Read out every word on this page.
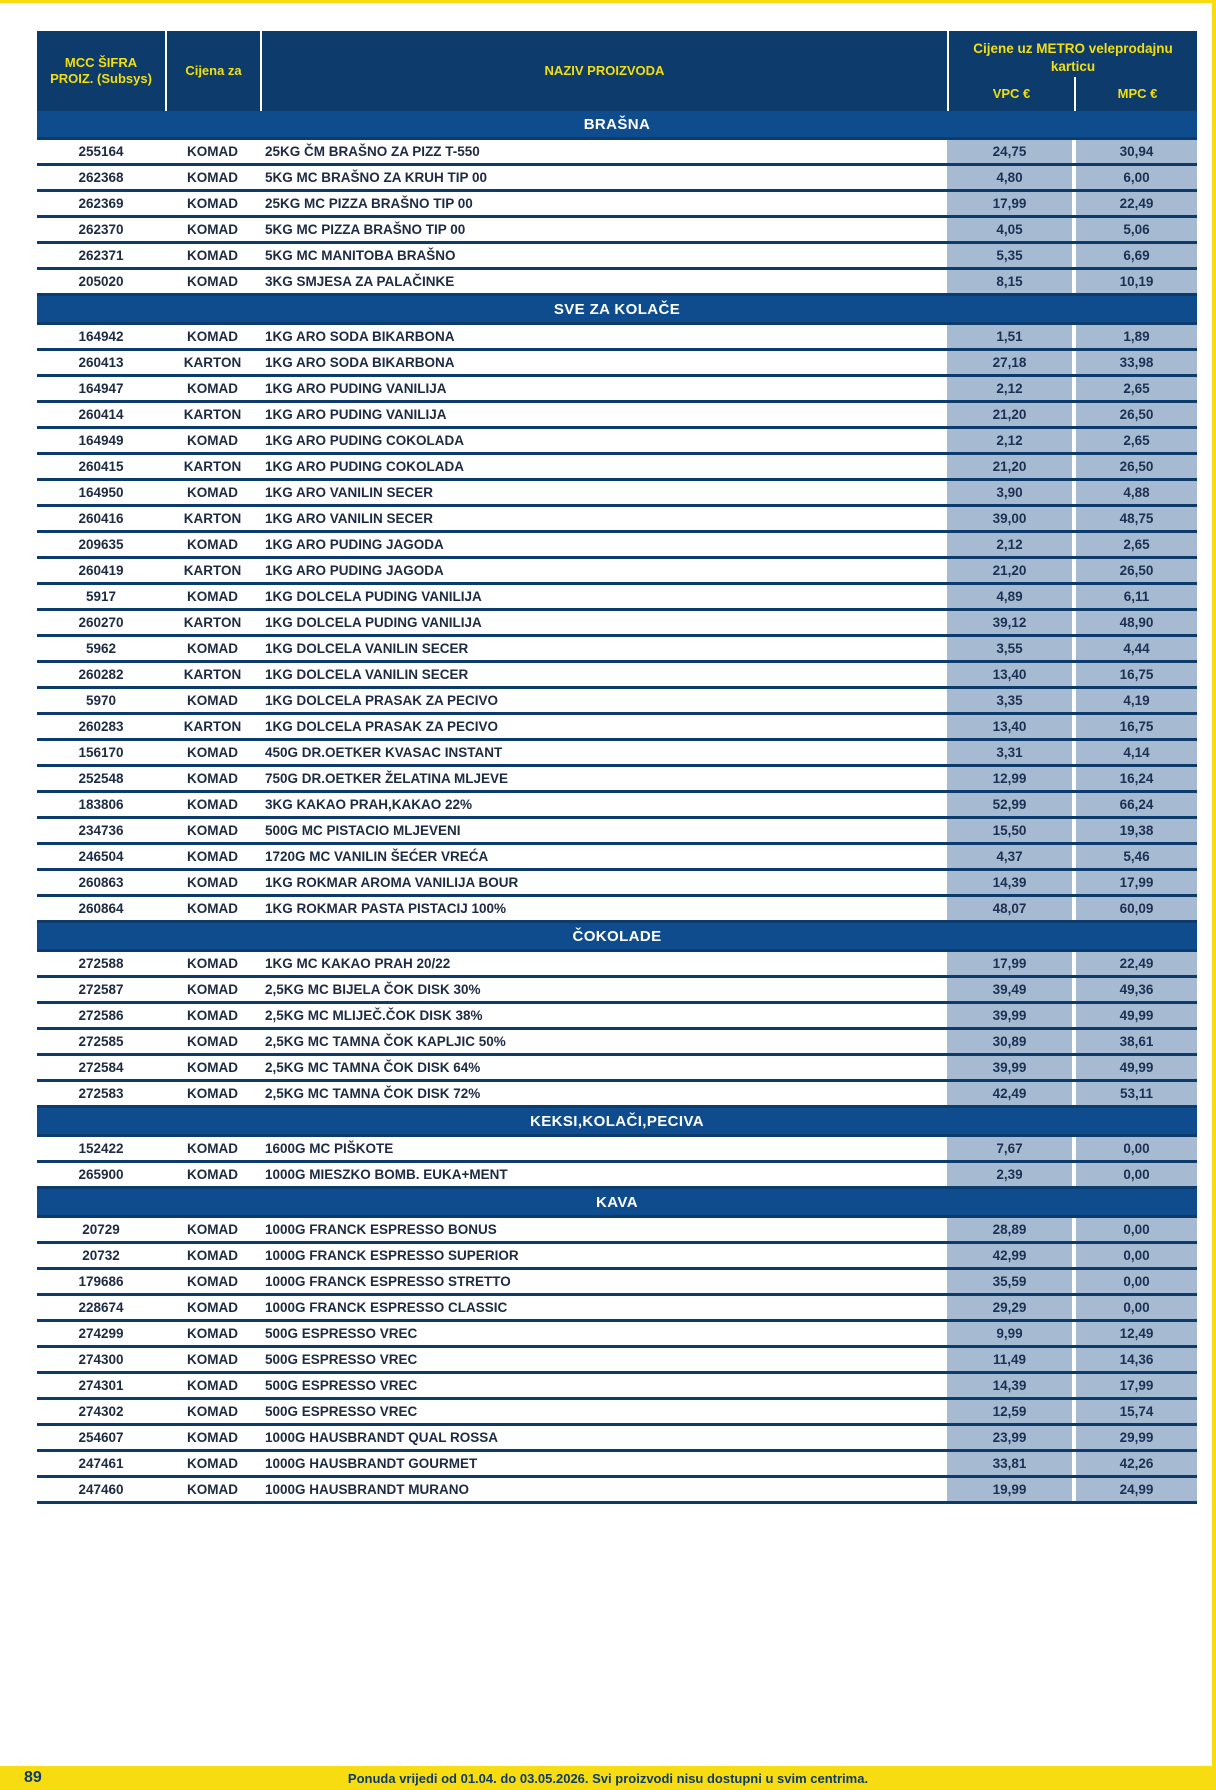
MCC ŠIFRA PROIZ. (Subsys)
Cijena za	NAZIV PROIZVODA
Cijene uz METRO veleprodajnu karticu
VPC €	MPC €
BRAŠNA
255164	KOMAD	25KG ČM BRAŠNO ZA PIZZ T-550	24,75	30,94
262368	KOMAD	5KG MC BRAŠNO ZA KRUH TIP 00	4,80	6,00
262369	KOMAD	25KG MC PIZZA BRAŠNO TIP 00	17,99	22,49
262370	KOMAD	5KG MC PIZZA BRAŠNO TIP 00	4,05	5,06
262371	KOMAD	5KG MC MANITOBA BRAŠNO	5,35	6,69
205020	KOMAD	3KG SMJESA ZA PALAČINKE	8,15	10,19
SVE ZA KOLAČE
164942	KOMAD	1KG ARO SODA BIKARBONA	1,51	1,89
260413	KARTON	1KG ARO SODA BIKARBONA	27,18	33,98
164947	KOMAD	1KG ARO PUDING VANILIJA	2,12	2,65
260414	KARTON	1KG ARO PUDING VANILIJA	21,20	26,50
164949	KOMAD	1KG ARO PUDING COKOLADA	2,12	2,65
260415	KARTON	1KG ARO PUDING COKOLADA	21,20	26,50
164950	KOMAD	1KG ARO VANILIN SECER	3,90	4,88
260416	KARTON	1KG ARO VANILIN SECER	39,00	48,75
209635	KOMAD	1KG ARO PUDING JAGODA	2,12	2,65
260419	KARTON	1KG ARO PUDING JAGODA	21,20	26,50
5917	KOMAD	1KG DOLCELA PUDING VANILIJA	4,89	6,11
260270	KARTON	1KG DOLCELA PUDING VANILIJA	39,12	48,90
5962	KOMAD	1KG DOLCELA VANILIN SECER	3,55	4,44
260282	KARTON	1KG DOLCELA VANILIN SECER	13,40	16,75
5970	KOMAD	1KG DOLCELA PRASAK ZA PECIVO	3,35	4,19
260283	KARTON	1KG DOLCELA PRASAK ZA PECIVO	13,40	16,75
156170	KOMAD	450G DR.OETKER KVASAC INSTANT	3,31	4,14
252548	KOMAD	750G DR.OETKER ŽELATINA MLJEVE	12,99	16,24
183806	KOMAD	3KG KAKAO PRAH,KAKAO 22%	52,99	66,24
234736	KOMAD	500G MC PISTACIO MLJEVENI	15,50	19,38
246504	KOMAD	1720G MC VANILIN ŠEĆER VREĆA	4,37	5,46
260863	KOMAD	1KG ROKMAR AROMA VANILIJA BOUR	14,39	17,99
260864	KOMAD	1KG ROKMAR PASTA PISTACIJ 100%	48,07	60,09
ČOKOLADE
272588	KOMAD	1KG MC KAKAO PRAH 20/22	17,99	22,49
272587	KOMAD	2,5KG MC BIJELA ČOK DISK 30%	39,49	49,36
272586	KOMAD	2,5KG MC MLIJEČ.ČOK DISK 38%	39,99	49,99
272585	KOMAD	2,5KG MC TAMNA ČOK KAPLJIC 50%	30,89	38,61
272584	KOMAD	2,5KG MC TAMNA ČOK DISK 64%	39,99	49,99
272583	KOMAD	2,5KG MC TAMNA ČOK DISK 72%	42,49	53,11
KEKSI,KOLAČI,PECIVA
152422	KOMAD	1600G MC PIŠKOTE	7,67	0,00
265900	KOMAD	1000G MIESZKO BOMB. EUKA+MENT	2,39	0,00
KAVA
20729	KOMAD	1000G FRANCK ESPRESSO BONUS	28,89	0,00
20732	KOMAD	1000G FRANCK ESPRESSO SUPERIOR	42,99	0,00
179686	KOMAD	1000G FRANCK ESPRESSO STRETTO	35,59	0,00
228674	KOMAD	1000G FRANCK ESPRESSO CLASSIC	29,29	0,00
274299	KOMAD	500G ESPRESSO VREC	9,99	12,49
274300	KOMAD	500G ESPRESSO VREC	11,49	14,36
274301	KOMAD	500G ESPRESSO VREC	14,39	17,99
274302	KOMAD	500G ESPRESSO VREC	12,59	15,74
254607	KOMAD	1000G HAUSBRANDT QUAL ROSSA	23,99	29,99
247461	KOMAD	1000G HAUSBRANDT GOURMET	33,81	42,26
247460	KOMAD	1000G HAUSBRANDT MURANO	19,99	24,99
89	Ponuda vrijedi od 01.04. do 03.05.2026. Svi proizvodi nisu dostupni u svim centrima.
